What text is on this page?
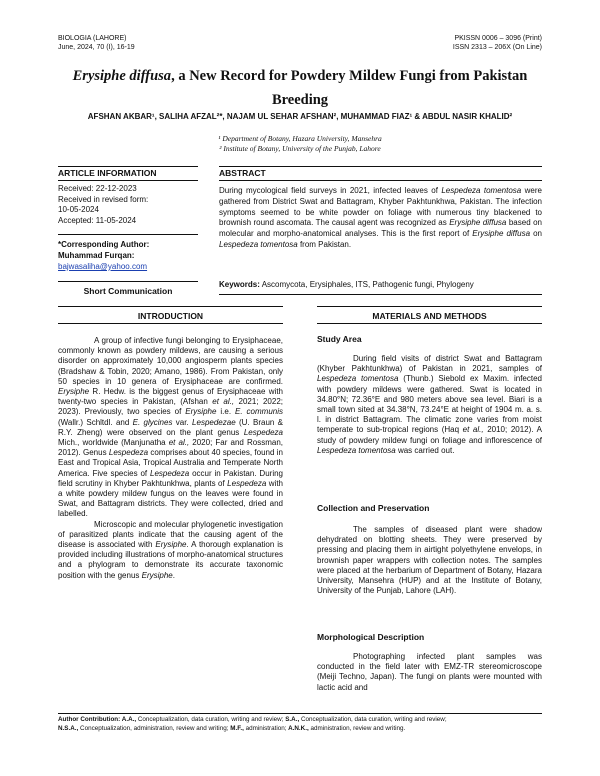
BIOLOGIA (LAHORE)
June, 2024, 70 (I), 16-19
PKISSN 0006 – 3096 (Print)
ISSN 2313 – 206X (On Line)
Erysiphe diffusa, a New Record for Powdery Mildew Fungi from Pakistan
Breeding
AFSHAN AKBAR¹, SALIHA AFZAL²*, NAJAM UL SEHAR AFSHAN², MUHAMMAD FIAZ¹ & ABDUL NASIR KHALID²
¹ Department of Botany, Hazara University, Mansehra
² Institute of Botany, University of the Punjab, Lahore
ARTICLE INFORMATION	ABSTRACT
Received: 22-12-2023
Received in revised form:
10-05-2024
Accepted: 11-05-2024
*Corresponding Author:
Muhammad Furqan:
bajwasaliha@yahoo.com
Short Communication
During mycological field surveys in 2021, infected leaves of Lespedeza tomentosa were gathered from District Swat and Battagram, Khyber Pakhtunkhwa, Pakistan. The infection symptoms seemed to be white powder on foliage with numerous tiny blackened to brownish round ascomata. The causal agent was recognized as Erysiphe diffusa based on molecular and morpho-anatomical analyses. This is the first report of Erysiphe diffusa on Lespedeza tomentosa from Pakistan.
Keywords: Ascomycota, Erysiphales, ITS, Pathogenic fungi, Phylogeny
INTRODUCTION	MATERIALS AND METHODS

A group of infective fungi belonging to Erysiphaceae, commonly known as powdery mildews, are causing a serious disorder on approximately 10,000 angiosperm plants species (Bradshaw & Tobin, 2020; Amano, 1986). From Pakistan, only 50 species in 10 genera of Erysiphaceae are confirmed. Erysiphe R. Hedw. is the biggest genus of Erysiphaceae with twenty-two species in Pakistan, (Afshan et al., 2021; 2022; 2023). Previously, two species of Erysiphe i.e. E. communis (Wallr.) Schltdl. and E. glycines var. Lespedezae (U. Braun & R.Y. Zheng) were observed on the plant genus Lespedeza Mich., worldwide (Manjunatha et al., 2020; Far and Rossman, 2012). Genus Lespedeza comprises about 40 species, found in East and Tropical Asia, Tropical Australia and Temperate North America. Five species of Lespedeza occur in Pakistan. During field scrutiny in Khyber Pakhtunkhwa, plants of Lespedeza with a white powdery mildew fungus on the leaves were found in Swat, and Battagram districts. They were collected, dried and labelled.

Microscopic and molecular phylogenetic investigation of parasitized plants indicate that the causing agent of the disease is associated with Erysiphe. A thorough explanation is provided including illustrations of morpho-anatomical structures and a phylogram to demonstrate its accurate taxonomic position with the genus Erysiphe.

Study Area

During field visits of district Swat and Battagram (Khyber Pakhtunkhwa) of Pakistan in 2021, samples of Lespedeza tomentosa (Thunb.) Siebold ex Maxim. infected with powdery mildews were gathered. Swat is located in 34.80°N; 72.36°E and 980 meters above sea level. Biari is a small town sited at 34.38°N, 73.24°E at height of 1904 m. a. s. l. in district Battagram. The climatic zone varies from moist temperate to sub-tropical regions (Haq et al., 2010; 2012). A study of powdery mildew fungi on foliage and inflorescence of Lespedeza tomentosa was carried out.

Collection and Preservation

The samples of diseased plant were shadow dehydrated on blotting sheets. They were preserved by pressing and placing them in airtight polyethylene envelops, in brownish paper wrappers with collection notes. The samples were placed at the herbarium of Department of Botany, Hazara University, Mansehra (HUP) and at the Institute of Botany, University of the Punjab, Lahore (LAH).

Morphological Description

Photographing infected plant samples was conducted in the field later with EMZ-TR stereomicroscope (Meiji Techno, Japan). The fungi on plants were mounted with lactic acid and

Author Contribution: A.A., Conceptualization, data curation, writing and review; S.A., Conceptualization, data curation, writing and review;
N.S.A., Conceptualization, administration, review and writing; M.F., administration; A.N.K., administration, review and writing.
